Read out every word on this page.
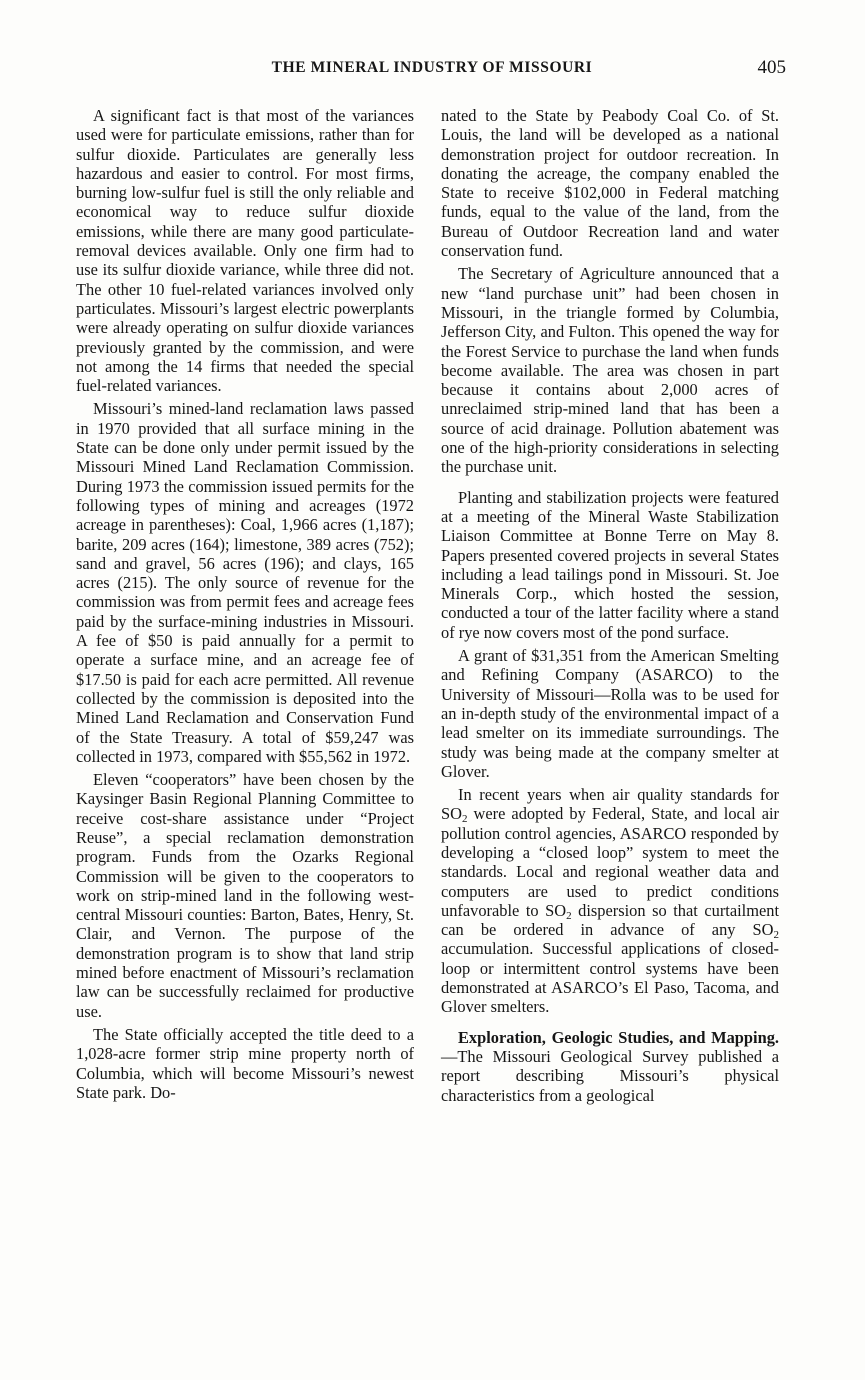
THE MINERAL INDUSTRY OF MISSOURI	405

A significant fact is that most of the variances used were for particulate emissions, rather than for sulfur dioxide. Particulates are generally less hazardous and easier to control. For most firms, burning low-sulfur fuel is still the only reliable and economical way to reduce sulfur dioxide emissions, while there are many good particulate-removal devices available. Only one firm had to use its sulfur dioxide variance, while three did not. The other 10 fuel-related variances involved only particulates. Missouri’s largest electric powerplants were already operating on sulfur dioxide variances previously granted by the commission, and were not among the 14 firms that needed the special fuel-related variances.

Missouri’s mined-land reclamation laws passed in 1970 provided that all surface mining in the State can be done only under permit issued by the Missouri Mined Land Reclamation Commission. During 1973 the commission issued permits for the following types of mining and acreages (1972 acreage in parentheses): Coal, 1,966 acres (1,187); barite, 209 acres (164); limestone, 389 acres (752); sand and gravel, 56 acres (196); and clays, 165 acres (215). The only source of revenue for the commission was from permit fees and acreage fees paid by the surface-mining industries in Missouri. A fee of $50 is paid annually for a permit to operate a surface mine, and an acreage fee of $17.50 is paid for each acre permitted. All revenue collected by the commission is deposited into the Mined Land Reclamation and Conservation Fund of the State Treasury. A total of $59,247 was collected in 1973, compared with $55,562 in 1972.

Eleven “cooperators” have been chosen by the Kaysinger Basin Regional Planning Committee to receive cost-share assistance under “Project Reuse”, a special reclamation demonstration program. Funds from the Ozarks Regional Commission will be given to the cooperators to work on strip-mined land in the following west-central Missouri counties: Barton, Bates, Henry, St. Clair, and Vernon. The purpose of the demonstration program is to show that land strip mined before enactment of Missouri’s reclamation law can be successfully reclaimed for productive use.

The State officially accepted the title deed to a 1,028-acre former strip mine property north of Columbia, which will become Missouri’s newest State park. Do-

nated to the State by Peabody Coal Co. of St. Louis, the land will be developed as a national demonstration project for outdoor recreation. In donating the acreage, the company enabled the State to receive $102,000 in Federal matching funds, equal to the value of the land, from the Bureau of Outdoor Recreation land and water conservation fund.

The Secretary of Agriculture announced that a new “land purchase unit” had been chosen in Missouri, in the triangle formed by Columbia, Jefferson City, and Fulton. This opened the way for the Forest Service to purchase the land when funds become available. The area was chosen in part because it contains about 2,000 acres of unreclaimed strip-mined land that has been a source of acid drainage. Pollution abatement was one of the high-priority considerations in selecting the purchase unit.

Planting and stabilization projects were featured at a meeting of the Mineral Waste Stabilization Liaison Committee at Bonne Terre on May 8. Papers presented covered projects in several States including a lead tailings pond in Missouri. St. Joe Minerals Corp., which hosted the session, conducted a tour of the latter facility where a stand of rye now covers most of the pond surface.

A grant of $31,351 from the American Smelting and Refining Company (ASARCO) to the University of Missouri—Rolla was to be used for an in-depth study of the environmental impact of a lead smelter on its immediate surroundings. The study was being made at the company smelter at Glover.

In recent years when air quality standards for $SO_2$ were adopted by Federal, State, and local air pollution control agencies, ASARCO responded by developing a “closed loop” system to meet the standards. Local and regional weather data and computers are used to predict conditions unfavorable to $SO_2$ dispersion so that curtailment can be ordered in advance of any $SO_2$ accumulation. Successful applications of closed-loop or intermittent control systems have been demonstrated at ASARCO’s El Paso, Tacoma, and Glover smelters.

Exploration, Geologic Studies, and Mapping.—The Missouri Geological Survey published a report describing Missouri’s physical characteristics from a geological
